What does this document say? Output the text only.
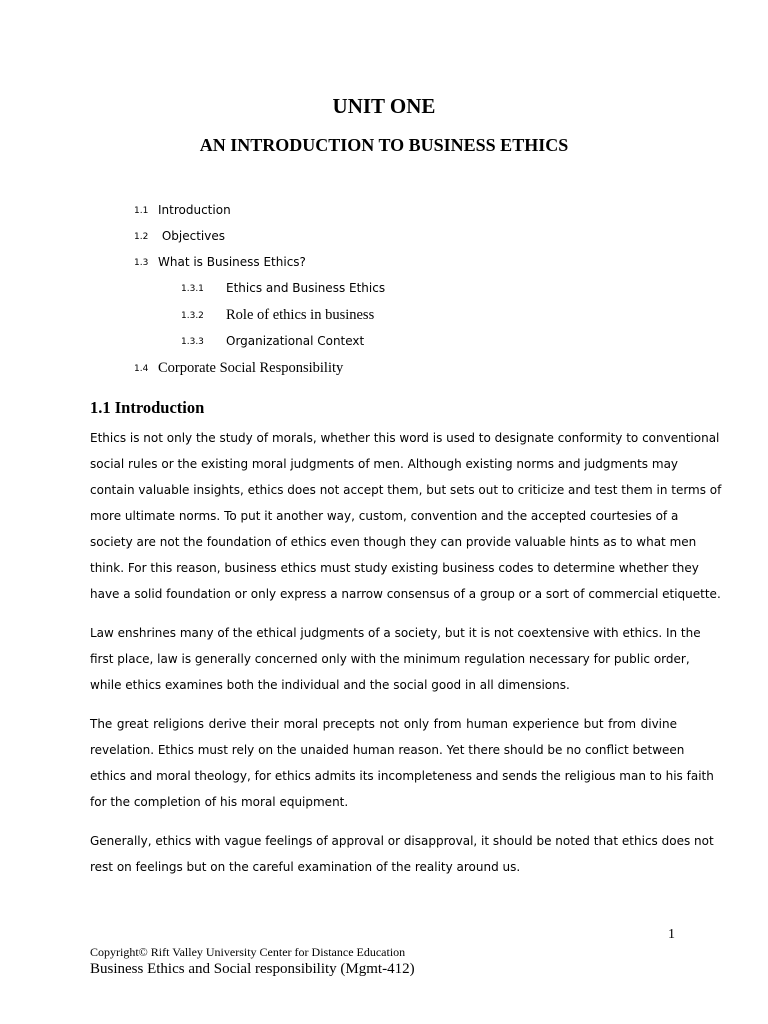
UNIT ONE
AN INTRODUCTION TO BUSINESS ETHICS
1.1 Introduction
1.2 Objectives
1.3 What is Business Ethics?
1.3.1 Ethics and Business Ethics
1.3.2 Role of ethics in business
1.3.3 Organizational Context
1.4 Corporate Social Responsibility
1.1 Introduction
Ethics is not only the study of morals, whether this word is used to designate conformity to conventional
social rules or the existing moral judgments of men. Although existing norms and judgments may
contain valuable insights, ethics does not accept them, but sets out to criticize and test them in terms of
more ultimate norms. To put it another way, custom, convention and the accepted courtesies of a
society are not the foundation of ethics even though they can provide valuable hints as to what men
think. For this reason, business ethics must study existing business codes to determine whether they
have a solid foundation or only express a narrow consensus of a group or a sort of commercial etiquette.
Law enshrines many of the ethical judgments of a society, but it is not coextensive with ethics. In the
first place, law is generally concerned only with the minimum regulation necessary for public order,
while ethics examines both the individual and the social good in all dimensions.
The great religions derive their moral precepts not only from human experience but from divine
revelation. Ethics must rely on the unaided human reason. Yet there should be no conflict between
ethics and moral theology, for ethics admits its incompleteness and sends the religious man to his faith
for the completion of his moral equipment.
Generally, ethics with vague feelings of approval or disapproval, it should be noted that ethics does not
rest on feelings but on the careful examination of the reality around us.
1
Copyright© Rift Valley University Center for Distance Education
Business Ethics and Social responsibility (Mgmt-412)
